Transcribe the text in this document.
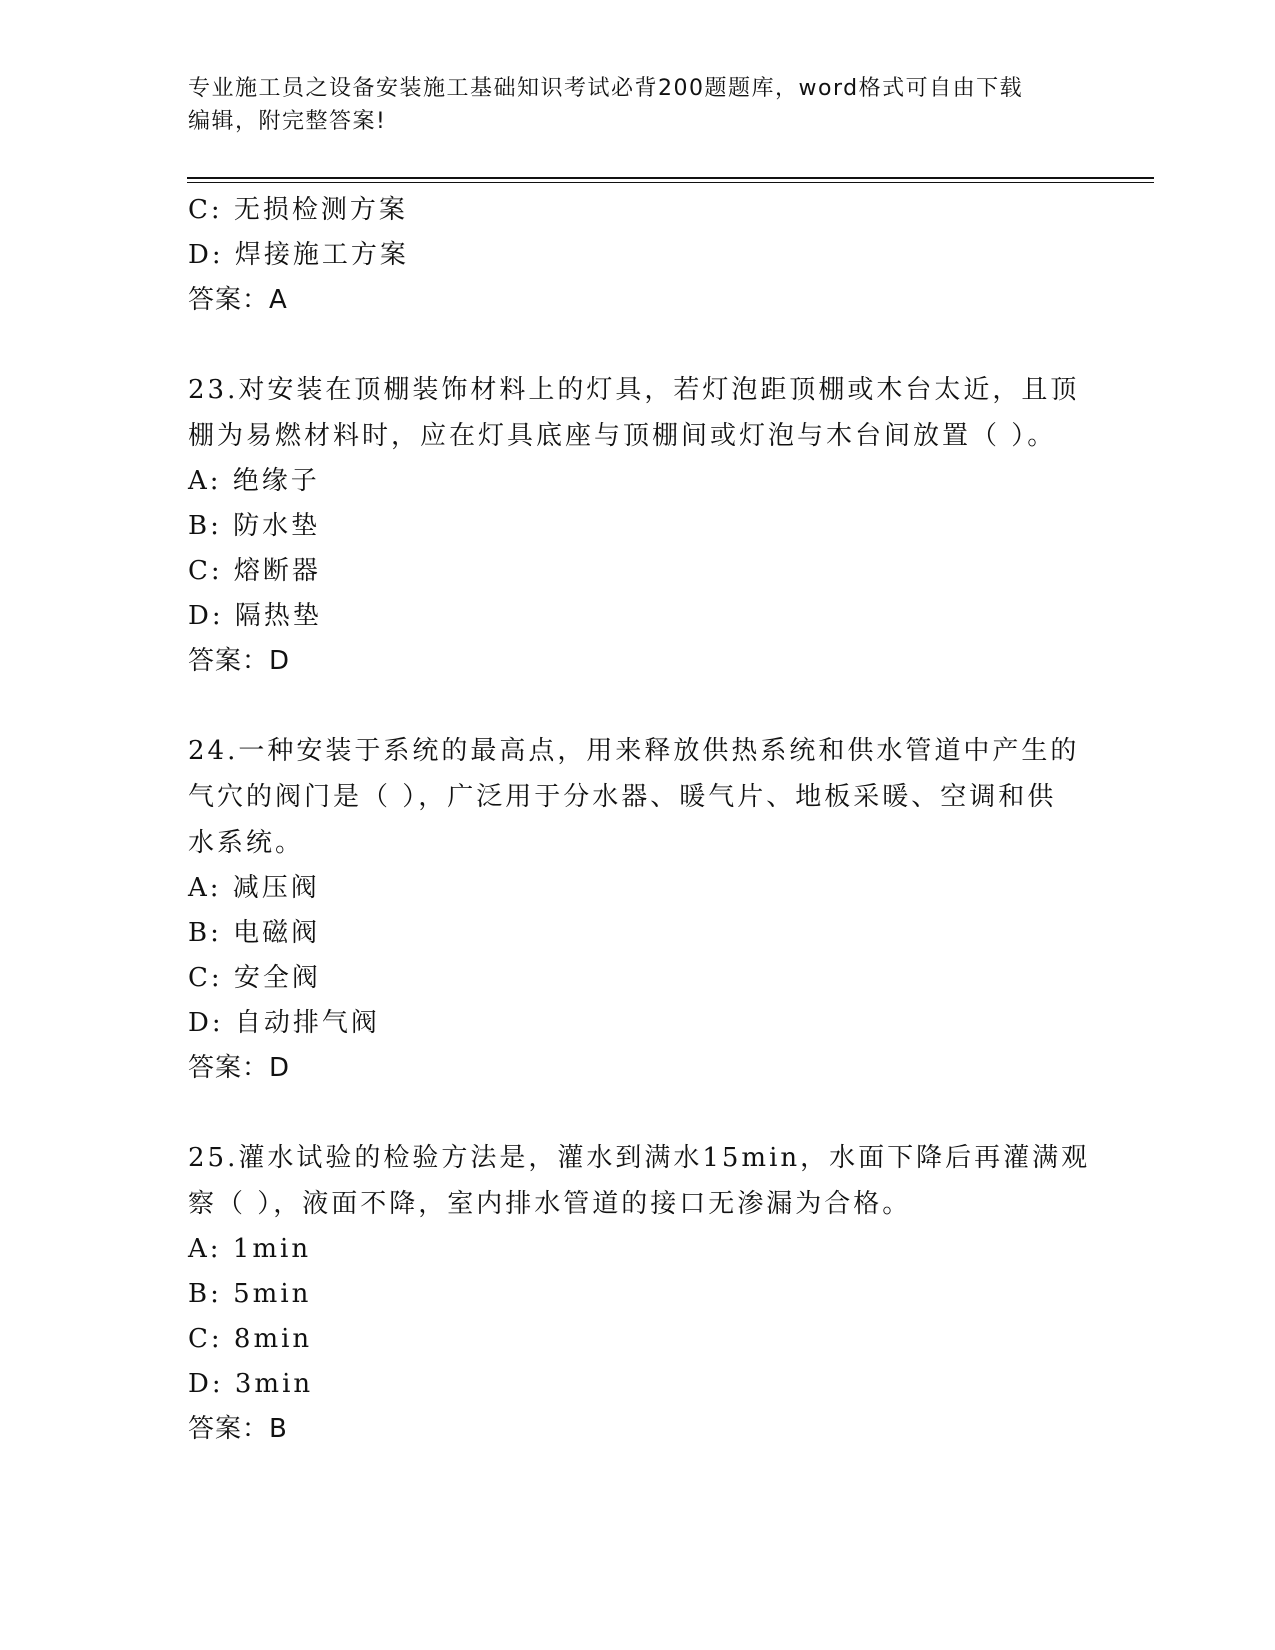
专业施工员之设备安装施工基础知识考试必背200题题库，word格式可自由下载
编辑，附完整答案!
C: 无损检测方案
D: 焊接施工方案
答案：A
23.对安装在顶棚装饰材料上的灯具，若灯泡距顶棚或木台太近，且顶
棚为易燃材料时，应在灯具底座与顶棚间或灯泡与木台间放置（ ）。
A: 绝缘子
B: 防水垫
C: 熔断器
D: 隔热垫
答案：D
24.一种安装于系统的最高点，用来释放供热系统和供水管道中产生的
气穴的阀门是（ ），广泛用于分水器、暖气片、地板采暖、空调和供
水系统。
A: 减压阀
B: 电磁阀
C: 安全阀
D: 自动排气阀
答案：D
25.灌水试验的检验方法是，灌水到满水15min，水面下降后再灌满观
察（ ），液面不降，室内排水管道的接口无渗漏为合格。
A: 1min
B: 5min
C: 8min
D: 3min
答案：B
